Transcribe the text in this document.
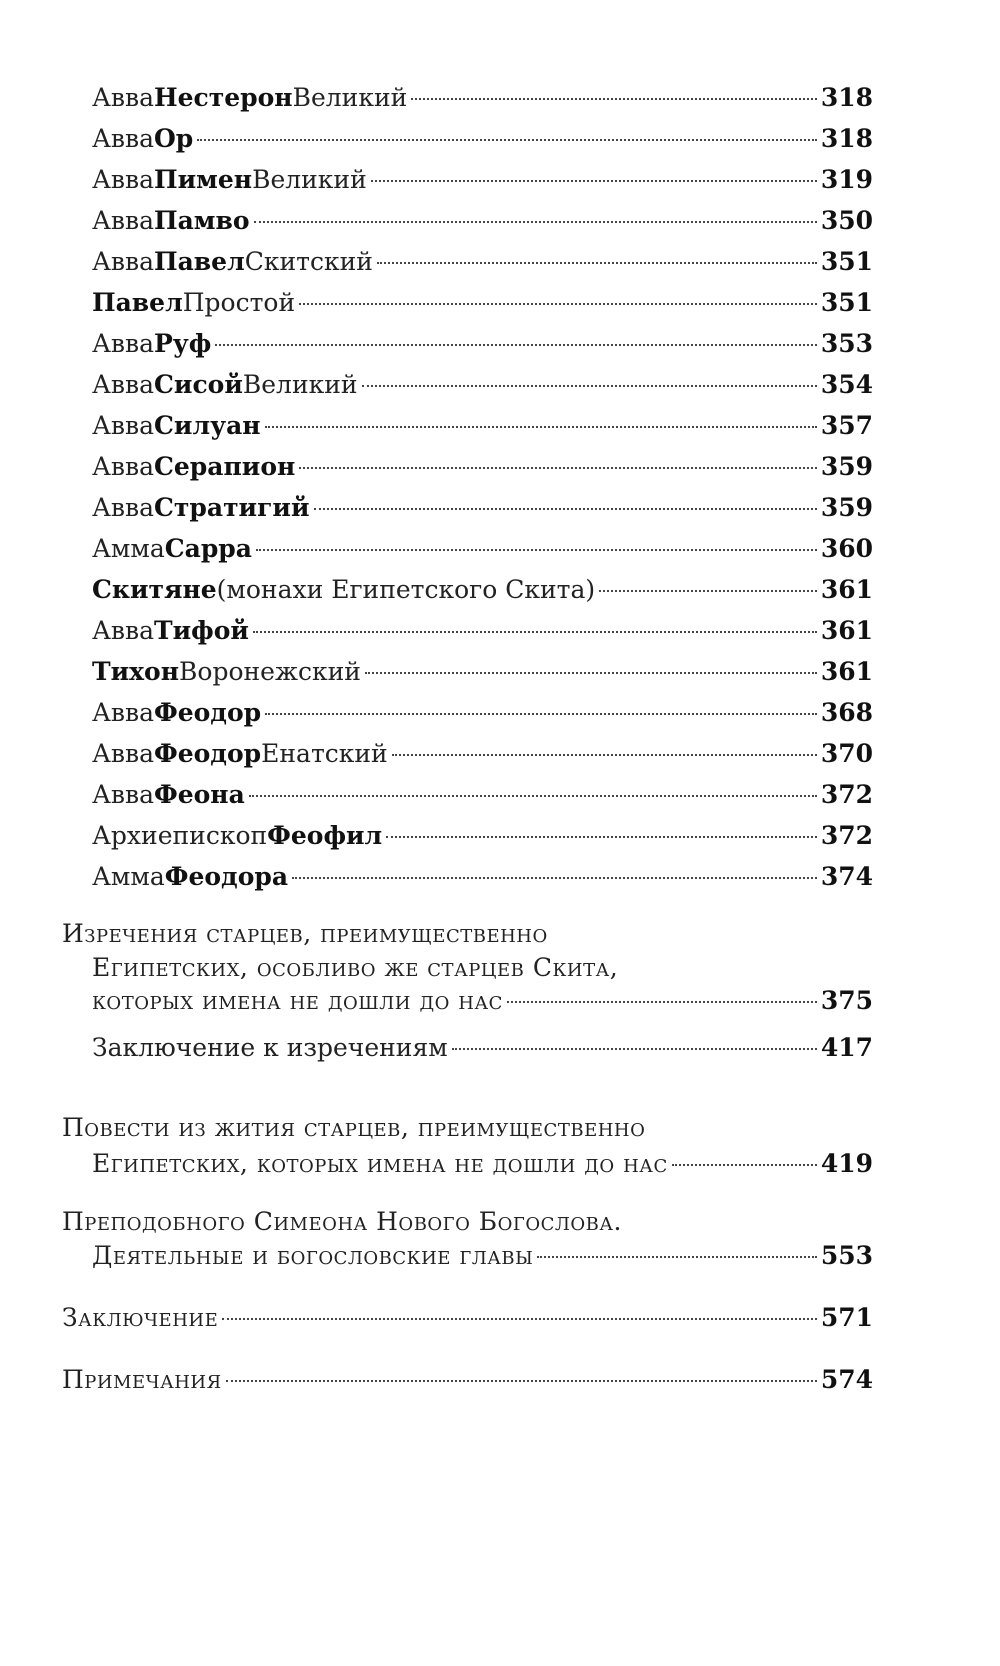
Авва Нестерон Великий	318
Авва Ор	318
Авва Пимен Великий	319
Авва Памво	350
Авва Павел Скитский	351
Павел Простой	351
Авва Руф	353
Авва Сисой Великий	354
Авва Силуан	357
Авва Серапион	359
Авва Стратигий	359
Амма Сарра	360
Скитяне (монахи Египетского Скита)	361
Авва Тифой	361
Тихон Воронежский	361
Авва Феодор	368
Авва Феодор Енатский	370
Авва Феона	372
Архиепископ Феофил	372
Амма Феодора	374
Изречения старцев, преимущественно
Египетских, особливо же старцев Скита,
которых имена не дошли до нас	375
Заключение к изречениям	417
Повести из жития старцев, преимущественно
Египетских, которых имена не дошли до нас	419
Преподобного Симеона Нового Богослова.
Деятельные и богословские главы	553
Заключение	571
Примечания	574
